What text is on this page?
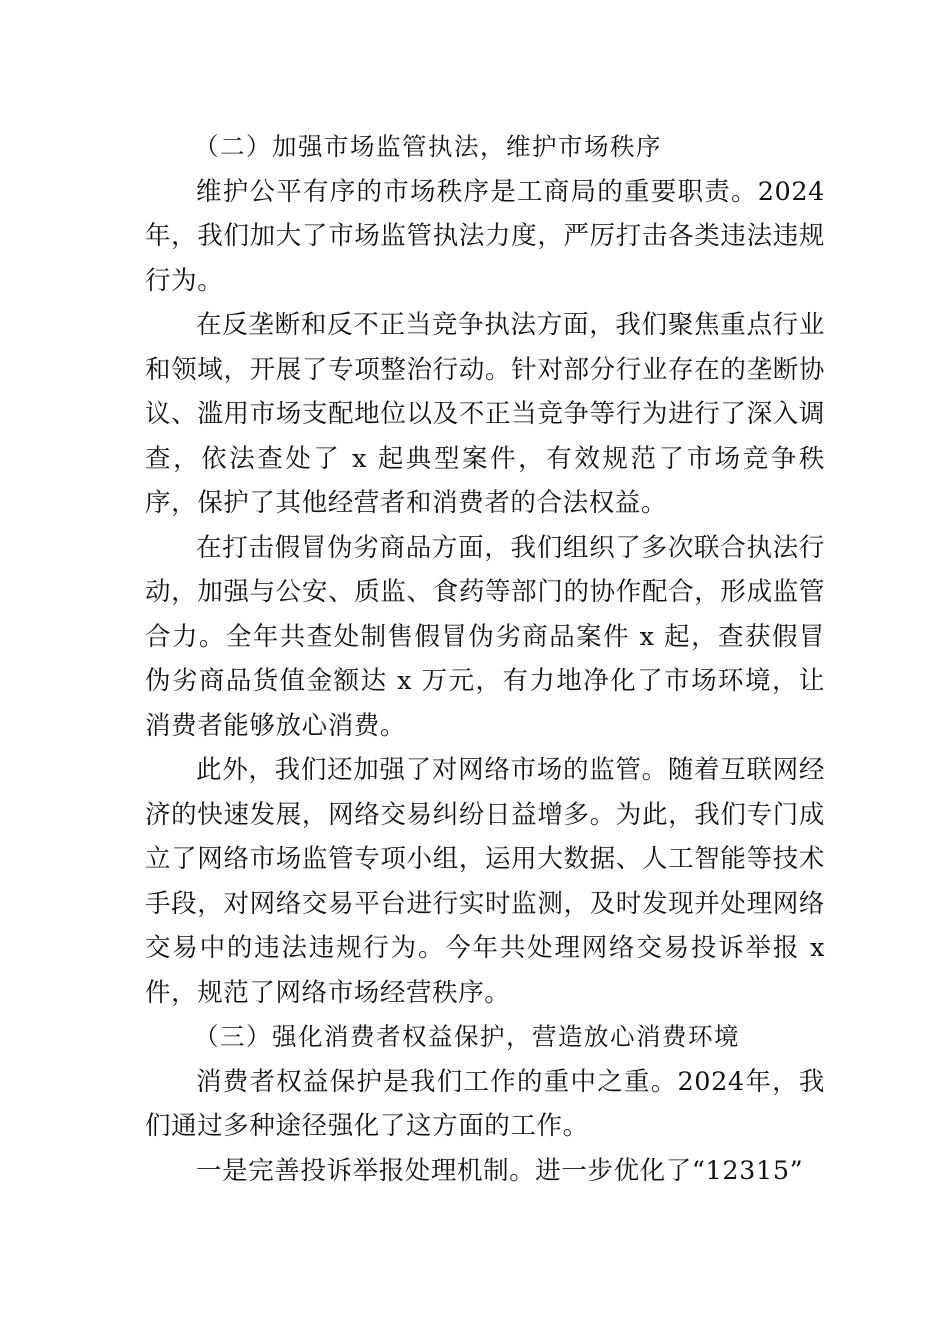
（二）加强市场监管执法，维护市场秩序

维护公平有序的市场秩序是工商局的重要职责。2024年，我们加大了市场监管执法力度，严厉打击各类违法违规行为。

在反垄断和反不正当竞争执法方面，我们聚焦重点行业和领域，开展了专项整治行动。针对部分行业存在的垄断协议、滥用市场支配地位以及不正当竞争等行为进行了深入调查，依法查处了 x 起典型案件，有效规范了市场竞争秩序，保护了其他经营者和消费者的合法权益。

在打击假冒伪劣商品方面，我们组织了多次联合执法行动，加强与公安、质监、食药等部门的协作配合，形成监管合力。全年共查处制售假冒伪劣商品案件 x 起，查获假冒伪劣商品货值金额达 x 万元，有力地净化了市场环境，让消费者能够放心消费。

此外，我们还加强了对网络市场的监管。随着互联网经济的快速发展，网络交易纠纷日益增多。为此，我们专门成立了网络市场监管专项小组，运用大数据、人工智能等技术手段，对网络交易平台进行实时监测，及时发现并处理网络交易中的违法违规行为。今年共处理网络交易投诉举报 x 件，规范了网络市场经营秩序。

（三）强化消费者权益保护，营造放心消费环境

消费者权益保护是我们工作的重中之重。2024年，我们通过多种途径强化了这方面的工作。

一是完善投诉举报处理机制。进一步优化了“12315”
